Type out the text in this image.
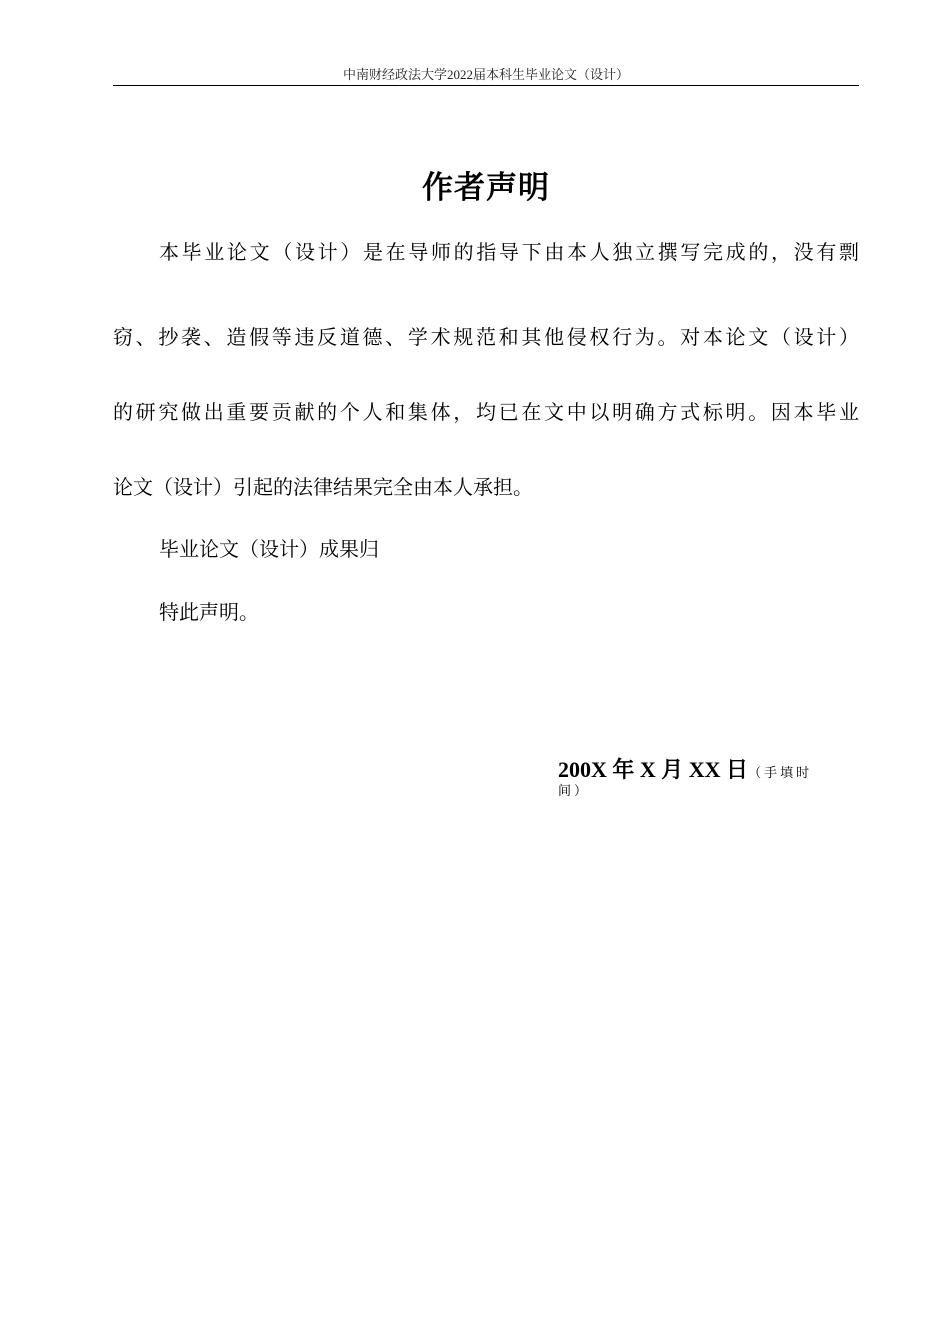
中南财经政法大学2022届本科生毕业论文（设计）
作者声明
本毕业论文（设计）是在导师的指导下由本人独立撰写完成的，没有剽
窃、抄袭、造假等违反道德、学术规范和其他侵权行为。对本论文（设计）
的研究做出重要贡献的个人和集体，均已在文中以明确方式标明。因本毕业
论文（设计）引起的法律结果完全由本人承担。
毕业论文（设计）成果归
特此声明。
200X 年 X 月 XX 日（手填时
间）
